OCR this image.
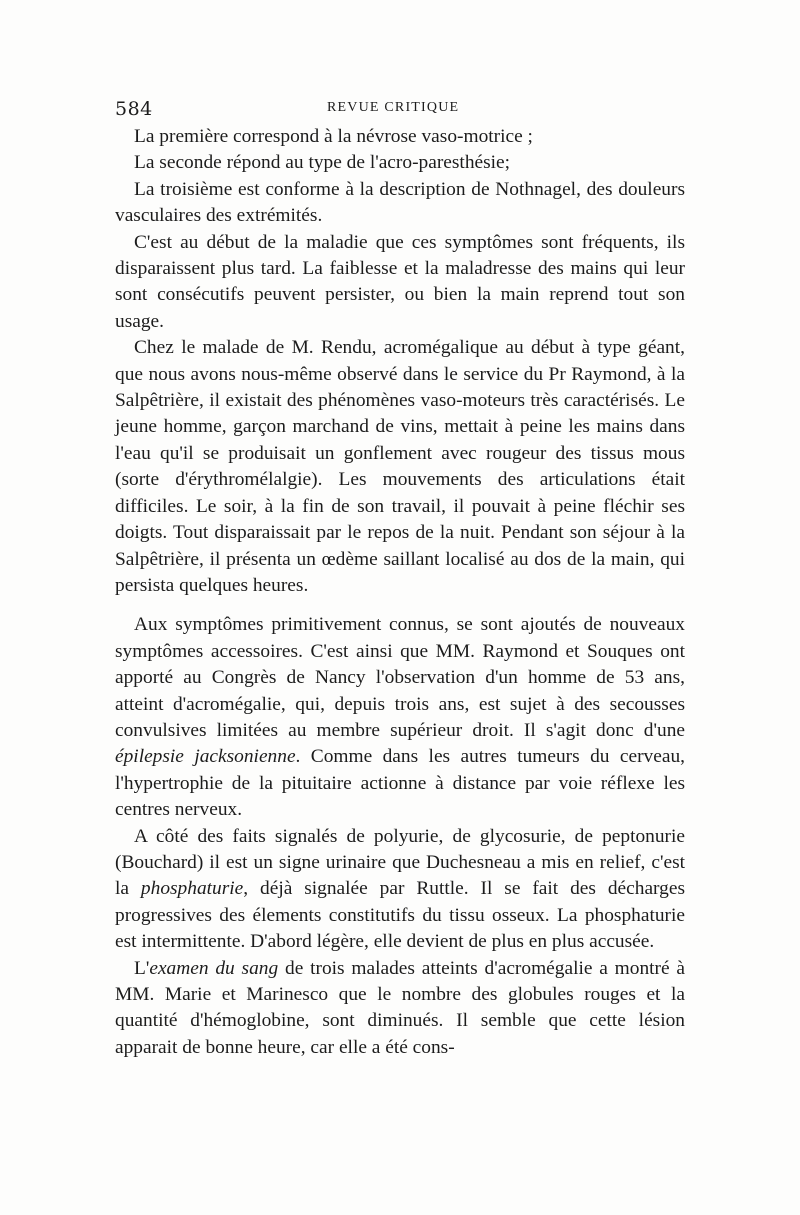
584	REVUE CRITIQUE

La première correspond à la névrose vaso-motrice ;

La seconde répond au type de l'acro-paresthésie;

La troisième est conforme à la description de Nothnagel, des douleurs vasculaires des extrémités.

C'est au début de la maladie que ces symptômes sont fréquents, ils disparaissent plus tard. La faiblesse et la maladresse des mains qui leur sont consécutifs peuvent persister, ou bien la main reprend tout son usage.

Chez le malade de M. Rendu, acromégalique au début à type géant, que nous avons nous-même observé dans le service du Pr Raymond, à la Salpêtrière, il existait des phénomènes vaso-moteurs très caractérisés. Le jeune homme, garçon marchand de vins, mettait à peine les mains dans l'eau qu'il se produisait un gonflement avec rougeur des tissus mous (sorte d'érythromélalgie). Les mouvements des articulations était difficiles. Le soir, à la fin de son travail, il pouvait à peine fléchir ses doigts. Tout disparaissait par le repos de la nuit. Pendant son séjour à la Salpêtrière, il présenta un œdème saillant localisé au dos de la main, qui persista quelques heures.

Aux symptômes primitivement connus, se sont ajoutés de nouveaux symptômes accessoires. C'est ainsi que MM. Raymond et Souques ont apporté au Congrès de Nancy l'observation d'un homme de 53 ans, atteint d'acromégalie, qui, depuis trois ans, est sujet à des secousses convulsives limitées au membre supérieur droit. Il s'agit donc d'une épilepsie jacksonienne. Comme dans les autres tumeurs du cerveau, l'hypertrophie de la pituitaire actionne à distance par voie réflexe les centres nerveux.

A côté des faits signalés de polyurie, de glycosurie, de peptonurie (Bouchard) il est un signe urinaire que Duchesneau a mis en relief, c'est la phosphaturie, déjà signalée par Ruttle. Il se fait des décharges progressives des élements constitutifs du tissu osseux. La phosphaturie est intermittente. D'abord légère, elle devient de plus en plus accusée.

L'examen du sang de trois malades atteints d'acromégalie a montré à MM. Marie et Marinesco que le nombre des globules rouges et la quantité d'hémoglobine, sont diminués. Il semble que cette lésion apparait de bonne heure, car elle a été cons-
